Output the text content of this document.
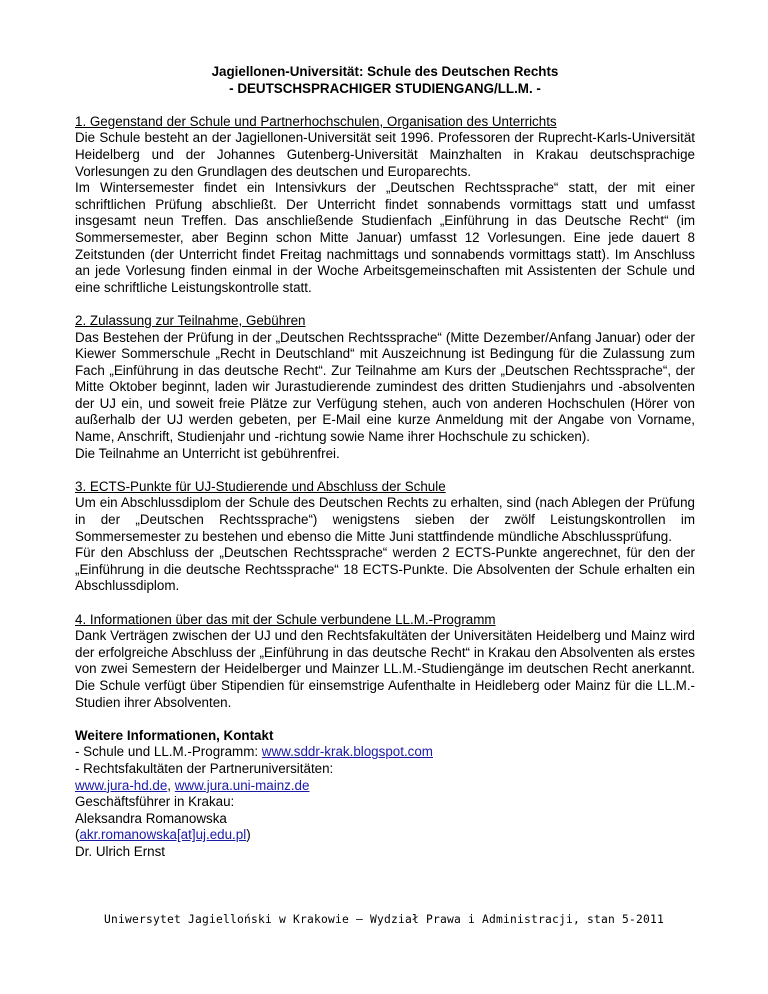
Jagiellonen-Universität: Schule des Deutschen Rechts
- DEUTSCHSPRACHIGER STUDIENGANG/LL.M. -
1. Gegenstand der Schule und Partnerhochschulen, Organisation des Unterrichts

Die Schule besteht an der Jagiellonen-Universität seit 1996. Professoren der Ruprecht-Karls-Universität Heidelberg und der Johannes Gutenberg-Universität Mainzhalten in Krakau deutschsprachige Vorlesungen zu den Grundlagen des deutschen und Europarechts.

Im Wintersemester findet ein Intensivkurs der „Deutschen Rechtssprache“ statt, der mit einer schriftlichen Prüfung abschließt. Der Unterricht findet sonnabends vormittags statt und umfasst insgesamt neun Treffen. Das anschließende Studienfach „Einführung in das Deutsche Recht“ (im Sommersemester, aber Beginn schon Mitte Januar) umfasst 12 Vorlesungen. Eine jede dauert 8 Zeitstunden (der Unterricht findet Freitag nachmittags und sonnabends vormittags statt). Im Anschluss an jede Vorlesung finden einmal in der Woche Arbeitsgemeinschaften mit Assistenten der Schule und eine schriftliche Leistungskontrolle statt.

2. Zulassung zur Teilnahme, Gebühren

Das Bestehen der Prüfung in der „Deutschen Rechtssprache“ (Mitte Dezember/Anfang Januar) oder der Kiewer Sommerschule „Recht in Deutschland“ mit Auszeichnung ist Bedingung für die Zulassung zum Fach „Einführung in das deutsche Recht“. Zur Teilnahme am Kurs der „Deutschen Rechtssprache“, der Mitte Oktober beginnt, laden wir Jurastudierende zumindest des dritten Studienjahrs und -absolventen der UJ ein, und soweit freie Plätze zur Verfügung stehen, auch von anderen Hochschulen (Hörer von außerhalb der UJ werden gebeten, per E-Mail eine kurze Anmeldung mit der Angabe von Vorname, Name, Anschrift, Studienjahr und -richtung sowie Name ihrer Hochschule zu schicken).

Die Teilnahme an Unterricht ist gebührenfrei.

3. ECTS-Punkte für UJ-Studierende und Abschluss der Schule

Um ein Abschlussdiplom der Schule des Deutschen Rechts zu erhalten, sind (nach Ablegen der Prüfung in der „Deutschen Rechtssprache“) wenigstens sieben der zwölf Leistungskontrollen im Sommersemester zu bestehen und ebenso die Mitte Juni stattfindende mündliche Abschlussprüfung.

Für den Abschluss der „Deutschen Rechtssprache“ werden 2 ECTS-Punkte angerechnet, für den der „Einführung in die deutsche Rechtssprache“ 18 ECTS-Punkte. Die Absolventen der Schule erhalten ein Abschlussdiplom.

4. Informationen über das mit der Schule verbundene LL.M.-Programm

Dank Verträgen zwischen der UJ und den Rechtsfakultäten der Universitäten Heidelberg und Mainz wird der erfolgreiche Abschluss der „Einführung in das deutsche Recht“ in Krakau den Absolventen als erstes von zwei Semestern der Heidelberger und Mainzer LL.M.-Studiengänge im deutschen Recht anerkannt. Die Schule verfügt über Stipendien für einsemstrige Aufenthalte in Heidleberg oder Mainz für die LL.M.-Studien ihrer Absolventen.

Weitere Informationen, Kontakt
- Schule und LL.M.-Programm: www.sddr-krak.blogspot.com
- Rechtsfakultäten der Partneruniversitäten:
www.jura-hd.de, www.jura.uni-mainz.de
Geschäftsführer in Krakau:
Aleksandra Romanowska
(akr.romanowska[at]uj.edu.pl)
Dr. Ulrich Ernst
Uniwersytet Jagielloński w Krakowie – Wydział Prawa i Administracji, stan 5-2011
